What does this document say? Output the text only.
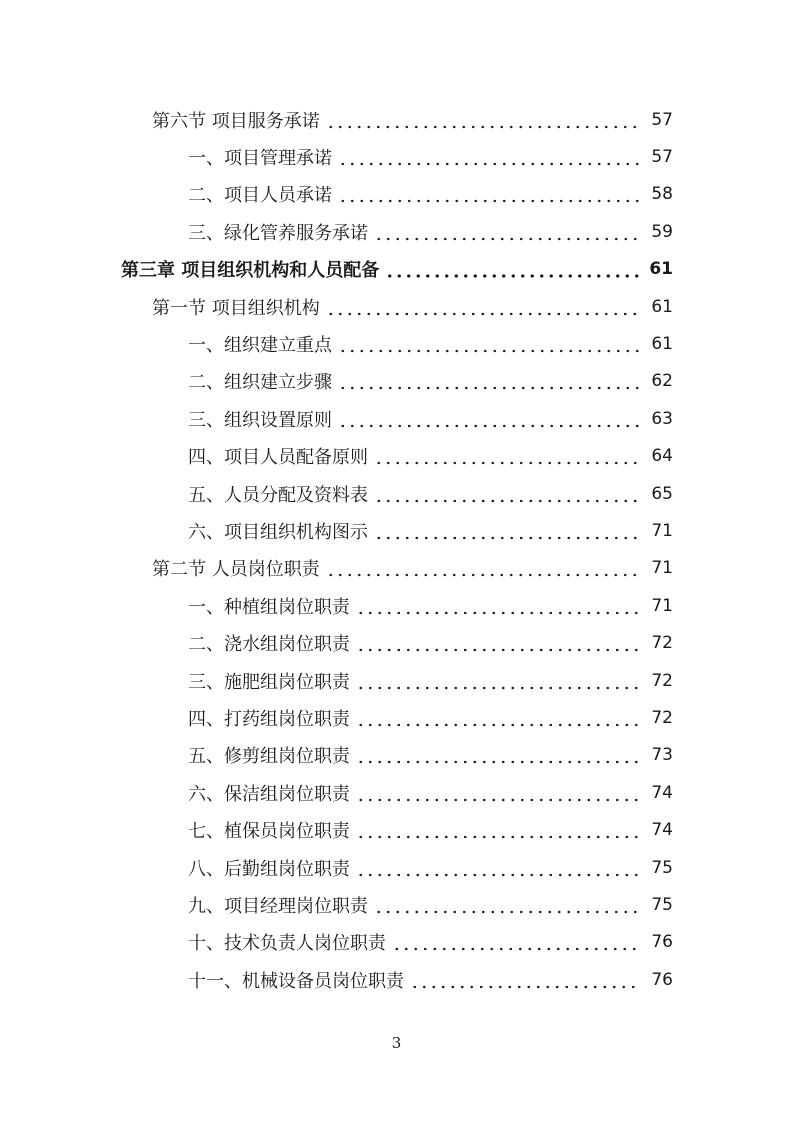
第六节 项目服务承诺	57
一、项目管理承诺	57
二、项目人员承诺	58
三、绿化管养服务承诺	59
第三章 项目组织机构和人员配备	61
第一节 项目组织机构	61
一、组织建立重点	61
二、组织建立步骤	62
三、组织设置原则	63
四、项目人员配备原则	64
五、人员分配及资料表	65
六、项目组织机构图示	71
第二节 人员岗位职责	71
一、种植组岗位职责	71
二、浇水组岗位职责	72
三、施肥组岗位职责	72
四、打药组岗位职责	72
五、修剪组岗位职责	73
六、保洁组岗位职责	74
七、植保员岗位职责	74
八、后勤组岗位职责	75
九、项目经理岗位职责	75
十、技术负责人岗位职责	76
十一、机械设备员岗位职责	76
3
